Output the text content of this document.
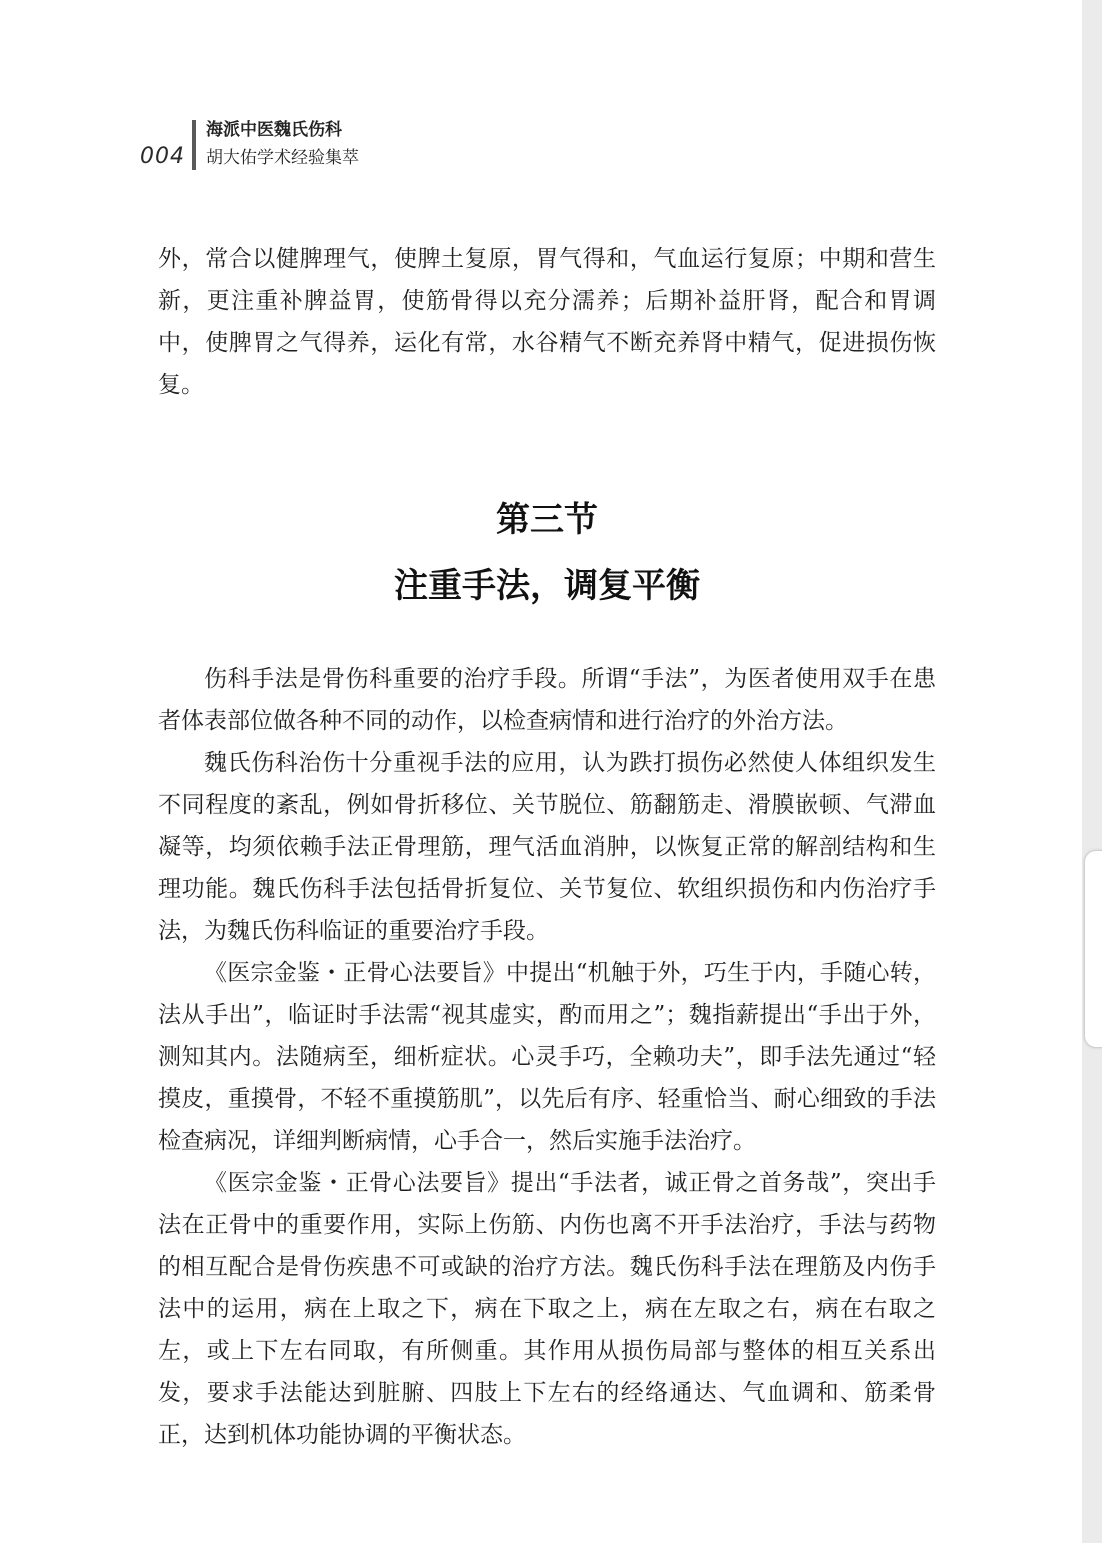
004
海派中医魏氏伤科
胡大佑学术经验集萃

外，常合以健脾理气，使脾土复原，胃气得和，气血运行复原；中期和营生新，更注重补脾益胃，使筋骨得以充分濡养；后期补益肝肾，配合和胃调中，使脾胃之气得养，运化有常，水谷精气不断充养肾中精气，促进损伤恢复。

第三节
注重手法，调复平衡

伤科手法是骨伤科重要的治疗手段。所谓“手法”，为医者使用双手在患者体表部位做各种不同的动作，以检查病情和进行治疗的外治方法。

魏氏伤科治伤十分重视手法的应用，认为跌打损伤必然使人体组织发生不同程度的紊乱，例如骨折移位、关节脱位、筋翻筋走、滑膜嵌顿、气滞血凝等，均须依赖手法正骨理筋，理气活血消肿，以恢复正常的解剖结构和生理功能。魏氏伤科手法包括骨折复位、关节复位、软组织损伤和内伤治疗手法，为魏氏伤科临证的重要治疗手段。

《医宗金鉴・正骨心法要旨》中提出“机触于外，巧生于内，手随心转，法从手出”，临证时手法需“视其虚实，酌而用之”；魏指薪提出“手出于外，测知其内。法随病至，细析症状。心灵手巧，全赖功夫”，即手法先通过“轻摸皮，重摸骨，不轻不重摸筋肌”，以先后有序、轻重恰当、耐心细致的手法检查病况，详细判断病情，心手合一，然后实施手法治疗。

《医宗金鉴・正骨心法要旨》提出“手法者，诚正骨之首务哉”，突出手法在正骨中的重要作用，实际上伤筋、内伤也离不开手法治疗，手法与药物的相互配合是骨伤疾患不可或缺的治疗方法。魏氏伤科手法在理筋及内伤手法中的运用，病在上取之下，病在下取之上，病在左取之右，病在右取之左，或上下左右同取，有所侧重。其作用从损伤局部与整体的相互关系出发，要求手法能达到脏腑、四肢上下左右的经络通达、气血调和、筋柔骨正，达到机体功能协调的平衡状态。
